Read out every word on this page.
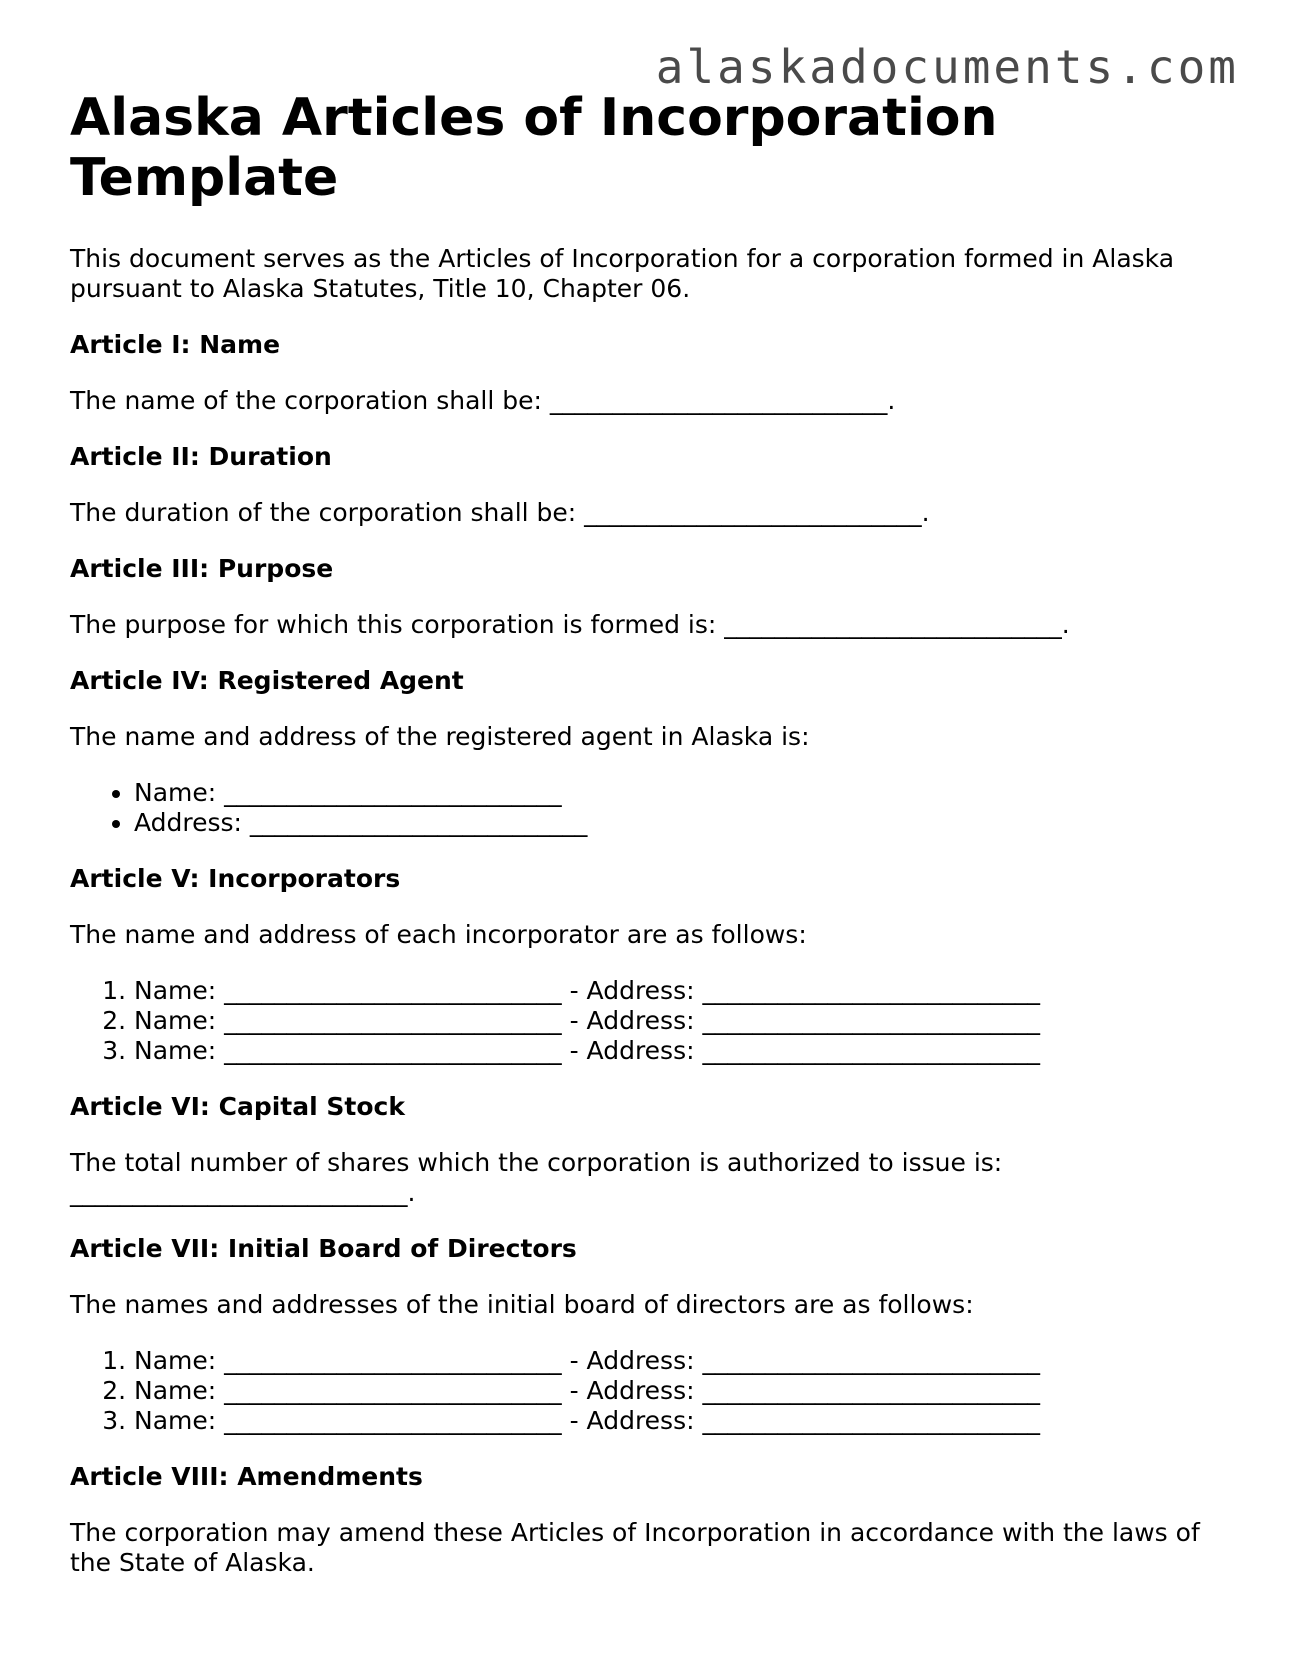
alaskadocuments.com
Alaska Articles of Incorporation Template

This document serves as the Articles of Incorporation for a corporation formed in Alaska pursuant to Alaska Statutes, Title 10, Chapter 06.

Article I: Name

The name of the corporation shall be: ___________________________.

Article II: Duration

The duration of the corporation shall be: ___________________________.

Article III: Purpose

The purpose for which this corporation is formed is: ___________________________.

Article IV: Registered Agent

The name and address of the registered agent in Alaska is:

• Name: ___________________________
• Address: ___________________________
Article V: Incorporators

The name and address of each incorporator are as follows:

1. Name: ___________________________ - Address: ___________________________
2. Name: ___________________________ - Address: ___________________________
3. Name: ___________________________ - Address: ___________________________
Article VI: Capital Stock

The total number of shares which the corporation is authorized to issue is: ___________________________.

Article VII: Initial Board of Directors

The names and addresses of the initial board of directors are as follows:

1. Name: ___________________________ - Address: ___________________________
2. Name: ___________________________ - Address: ___________________________
3. Name: ___________________________ - Address: ___________________________
Article VIII: Amendments

The corporation may amend these Articles of Incorporation in accordance with the laws of the State of Alaska.
